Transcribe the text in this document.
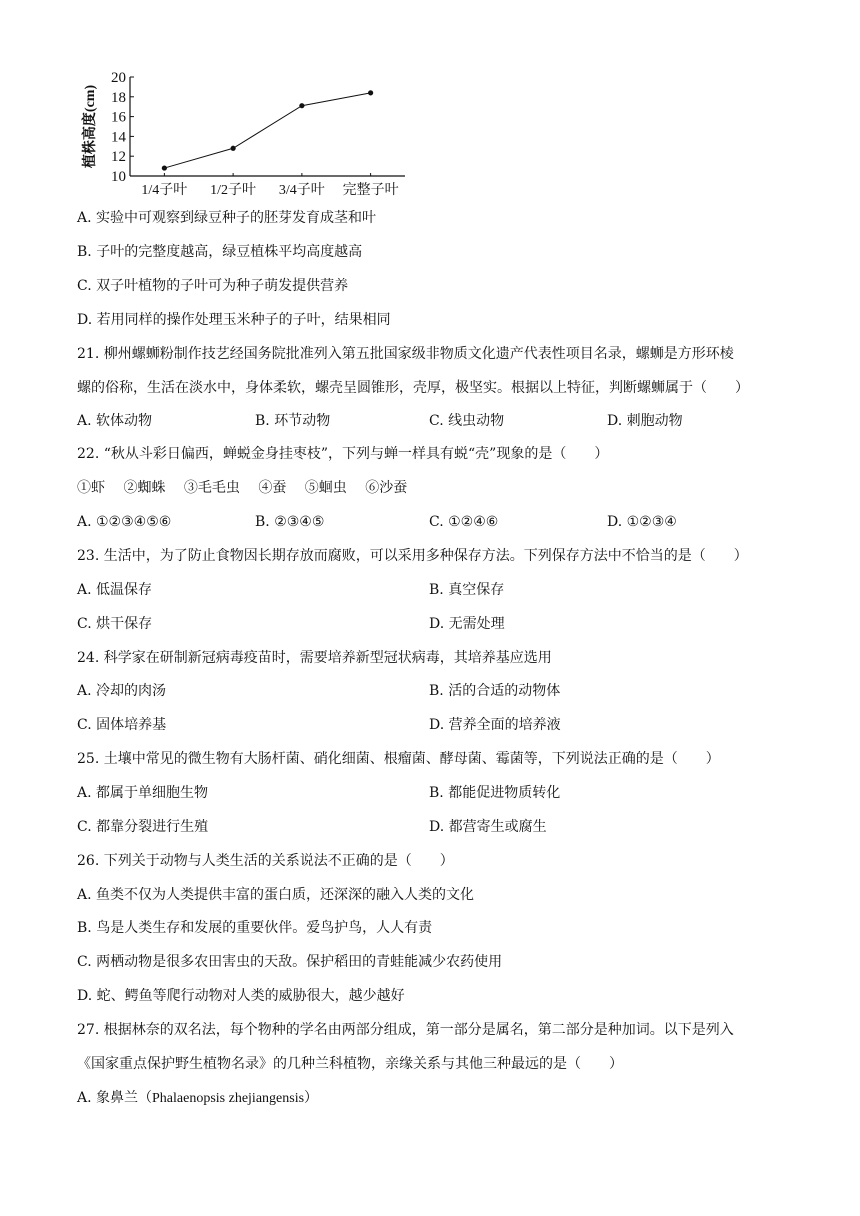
10
12
14
16
18
20
1/4子叶 1/2子叶 3/4子叶 完整子叶
植株高度(cm)
A. 实验中可观察到绿豆种子的胚芽发育成茎和叶
B. 子叶的完整度越高，绿豆植株平均高度越高
C. 双子叶植物的子叶可为种子萌发提供营养
D. 若用同样的操作处理玉米种子的子叶，结果相同
21. 柳州螺蛳粉制作技艺经国务院批准列入第五批国家级非物质文化遗产代表性项目名录，螺蛳是方形环棱
螺的俗称，生活在淡水中，身体柔软，螺壳呈圆锥形，壳厚，极坚实。根据以上特征，判断螺蛳属于（　　）
A. 软体动物	B. 环节动物	C. 线虫动物	D. 刺胞动物
22. “秋从斗彩日偏西，蝉蜕金身挂枣枝”，下列与蝉一样具有蜕“壳”现象的是（　　）
①虾　 ②蜘蛛　 ③毛毛虫　 ④蚕　 ⑤蛔虫　 ⑥沙蚕
A. ①②③④⑤⑥	B. ②③④⑤	C. ①②④⑥	D. ①②③④
23. 生活中，为了防止食物因长期存放而腐败，可以采用多种保存方法。下列保存方法中不恰当的是（　　）
A. 低温保存	B. 真空保存
C. 烘干保存	D. 无需处理
24. 科学家在研制新冠病毒疫苗时，需要培养新型冠状病毒，其培养基应选用
A. 冷却的肉汤	B. 活的合适的动物体
C. 固体培养基	D. 营养全面的培养液
25. 土壤中常见的微生物有大肠杆菌、硝化细菌、根瘤菌、酵母菌、霉菌等，下列说法正确的是（　　）
A. 都属于单细胞生物	B. 都能促进物质转化
C. 都靠分裂进行生殖	D. 都营寄生或腐生
26. 下列关于动物与人类生活的关系说法不正确的是（　　）
A. 鱼类不仅为人类提供丰富的蛋白质，还深深的融入人类的文化
B. 鸟是人类生存和发展的重要伙伴。爱鸟护鸟，人人有责
C. 两栖动物是很多农田害虫的天敌。保护稻田的青蛙能减少农药使用
D. 蛇、鳄鱼等爬行动物对人类的威胁很大，越少越好
27. 根据林奈的双名法，每个物种的学名由两部分组成，第一部分是属名，第二部分是种加词。以下是列入
《国家重点保护野生植物名录》的几种兰科植物，亲缘关系与其他三种最远的是（　　）
A. 象鼻兰（Phalaenopsis zhejiangensis）
